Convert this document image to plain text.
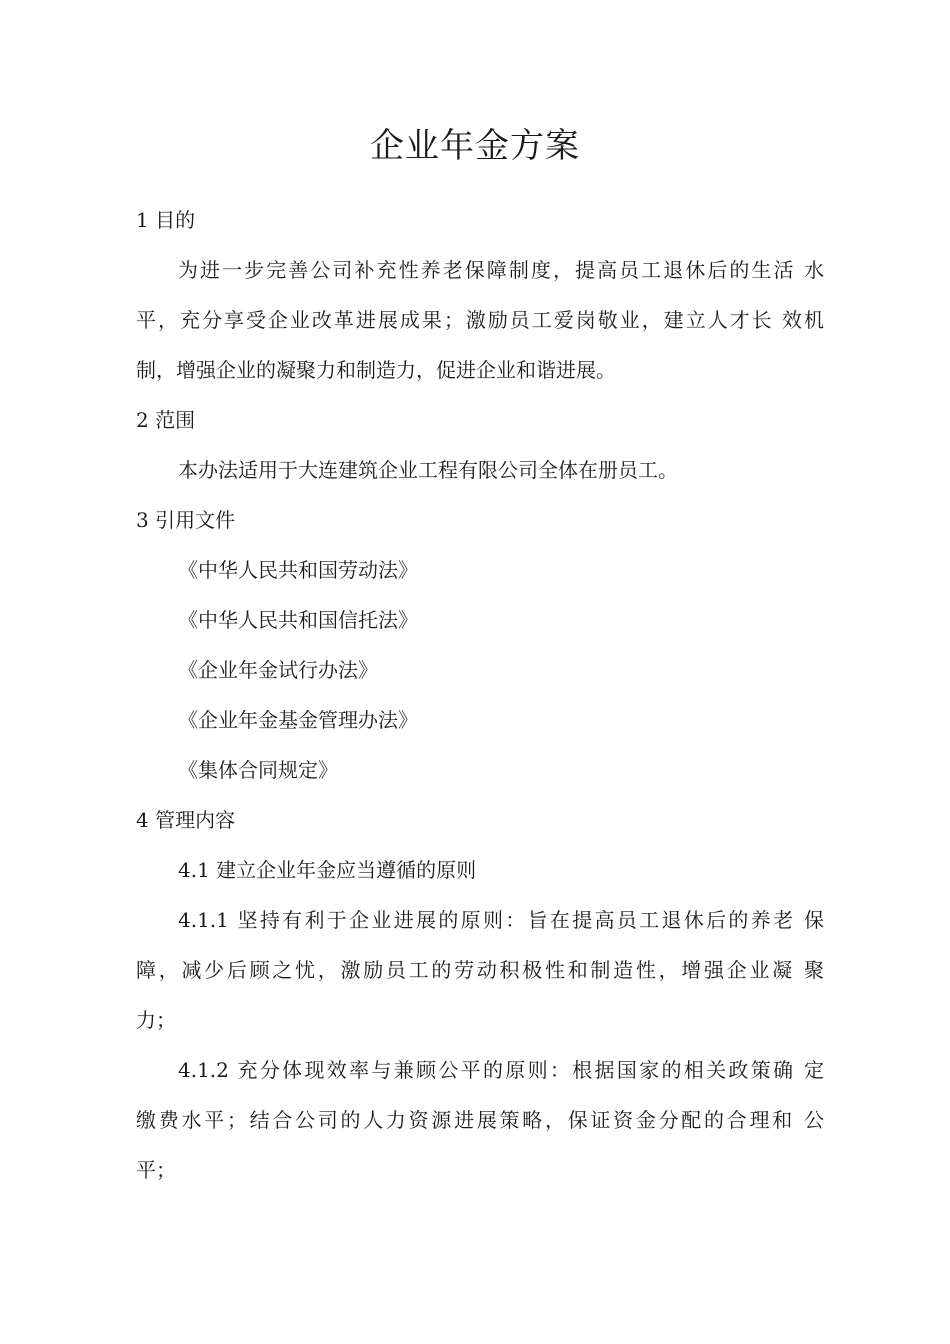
企业年金方案
1 目的
为进一步完善公司补充性养老保障制度，提高员工退休后的生活 水
平，充分享受企业改革进展成果；激励员工爱岗敬业，建立人才长 效机
制，增强企业的凝聚力和制造力，促进企业和谐进展。
2 范围
本办法适用于大连建筑企业工程有限公司全体在册员工。
3 引用文件
《中华人民共和国劳动法》
《中华人民共和国信托法》
《企业年金试行办法》
《企业年金基金管理办法》
《集体合同规定》
4 管理内容
4.1 建立企业年金应当遵循的原则
4.1.1 坚持有利于企业进展的原则：旨在提高员工退休后的养老 保
障，减少后顾之忧，激励员工的劳动积极性和制造性，增强企业凝 聚
力；
4.1.2 充分体现效率与兼顾公平的原则：根据国家的相关政策确 定
缴费水平；结合公司的人力资源进展策略，保证资金分配的合理和 公
平；
